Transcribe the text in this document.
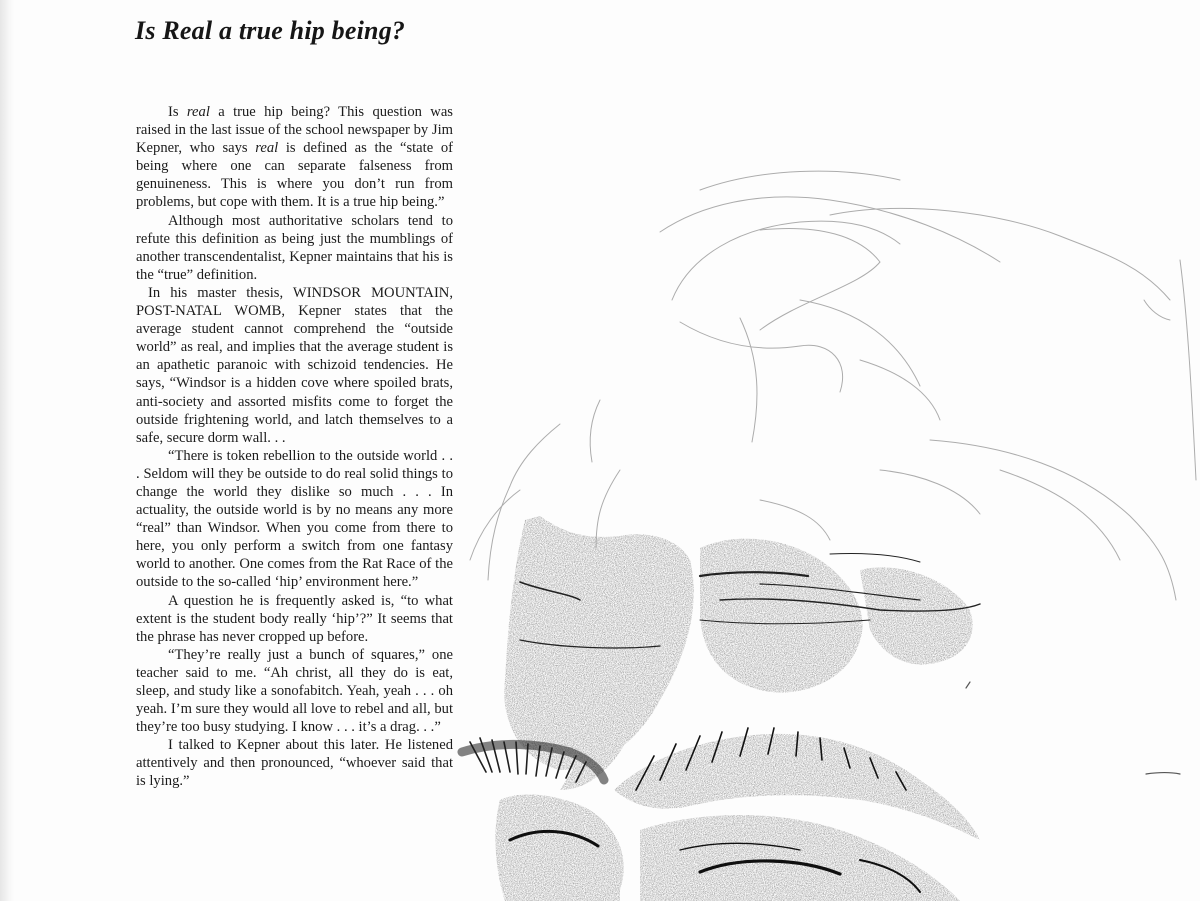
Is Real a true hip being?

Is real a true hip being? This question was raised in the last issue of the school newspaper by Jim Kepner, who says real is defined as the “state of being where one can separate falseness from genuineness. This is where you don’t run from problems, but cope with them. It is a true hip being.”

Although most authoritative scholars tend to refute this definition as being just the mumblings of another transcendentalist, Kepner maintains that his is the “true” definition.

In his master thesis, WINDSOR MOUNTAIN, POST-NATAL WOMB, Kepner states that the average student cannot comprehend the “outside world” as real, and implies that the average student is an apathetic paranoic with schizoid tendencies. He says, “Windsor is a hidden cove where spoiled brats, anti-society and assorted misfits come to forget the outside frightening world, and latch themselves to a safe, secure dorm wall. . .

“There is token rebellion to the outside world . . . Seldom will they be outside to do real solid things to change the world they dislike so much . . . In actuality, the outside world is by no means any more “real” than Windsor. When you come from there to here, you only perform a switch from one fantasy world to another. One comes from the Rat Race of the outside to the so-called ‘hip’ environment here.”

A question he is frequently asked is, “to what extent is the student body really ‘hip’?” It seems that the phrase has never cropped up before.

“They’re really just a bunch of squares,” one teacher said to me. “Ah christ, all they do is eat, sleep, and study like a sonofabitch. Yeah, yeah . . . oh yeah. I’m sure they would all love to rebel and all, but they’re too busy studying. I know . . . it’s a drag. . .”

I talked to Kepner about this later. He listened attentively and then pronounced, “whoever said that is lying.”
